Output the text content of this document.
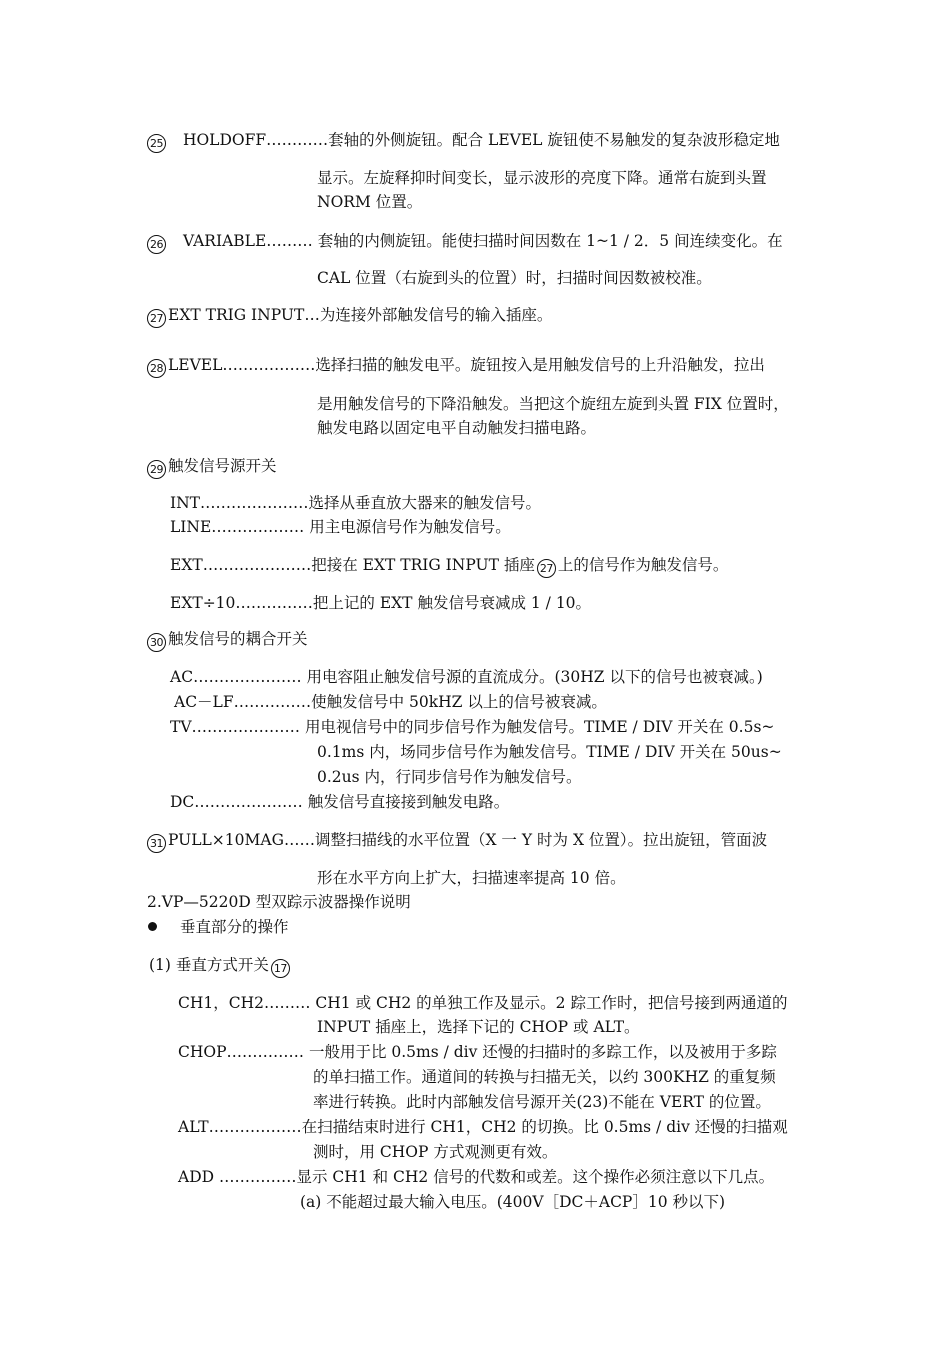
25 HOLDOFF…………套轴的外侧旋钮。配合 LEVEL 旋钮使不易触发的复杂波形稳定地
显示。左旋释抑时间变长，显示波形的亮度下降。通常右旋到头置
NORM 位置。
26 VARIABLE……… 套轴的内侧旋钮。能使扫描时间因数在 1~1 / 2．5 间连续变化。在
CAL 位置（右旋到头的位置）时，扫描时间因数被校准。
27 EXT TRIG INPUT…为连接外部触发信号的输入插座。
28 LEVEL………………选择扫描的触发电平。旋钮按入是用触发信号的上升沿触发，拉出
是用触发信号的下降沿触发。当把这个旋纽左旋到头置 FIX 位置时，
触发电路以固定电平自动触发扫描电路。
29 触发信号源开关
INT…………………选择从垂直放大器来的触发信号。
LINE……………… 用主电源信号作为触发信号。
EXT…………………把接在 EXT TRIG INPUT 插座 27 上的信号作为触发信号。
EXT÷10……………把上记的 EXT 触发信号衰减成 1 / 10。
30 触发信号的耦合开关
AC………………… 用电容阻止触发信号源的直流成分。(30HZ 以下的信号也被衰减。)
AC－LF……………使触发信号中 50kHZ 以上的信号被衰减。
TV………………… 用电视信号中的同步信号作为触发信号。TIME / DIV 开关在 0.5s~
0.1ms 内，场同步信号作为触发信号。TIME / DIV 开关在 50us~
0.2us 内，行同步信号作为触发信号。
DC………………… 触发信号直接接到触发电路。
31 PULL×10MAG……调整扫描线的水平位置（X 一 Y 时为 X 位置）。拉出旋钮，管面波
形在水平方向上扩大，扫描速率提高 10 倍。
2.VP—5220D 型双踪示波器操作说明
垂直部分的操作
(1) 垂直方式开关 17
CH1，CH2……… CH1 或 CH2 的单独工作及显示。2 踪工作时，把信号接到两通道的
INPUT 插座上，选择下记的 CHOP 或 ALT。
CHOP…………… 一般用于比 0.5ms / div 还慢的扫描时的多踪工作，以及被用于多踪
的单扫描工作。通道间的转换与扫描无关，以约 300KHZ 的重复频
率进行转换。此时内部触发信号源开关(23)不能在 VERT 的位置。
ALT………………在扫描结束时进行 CH1，CH2 的切换。比 0.5ms / div 还慢的扫描观
测时，用 CHOP 方式观测更有效。
ADD ……………显示 CH1 和 CH2 信号的代数和或差。这个操作必须注意以下几点。
(a) 不能超过最大输入电压。(400V［DC＋ACP］10 秒以下)
